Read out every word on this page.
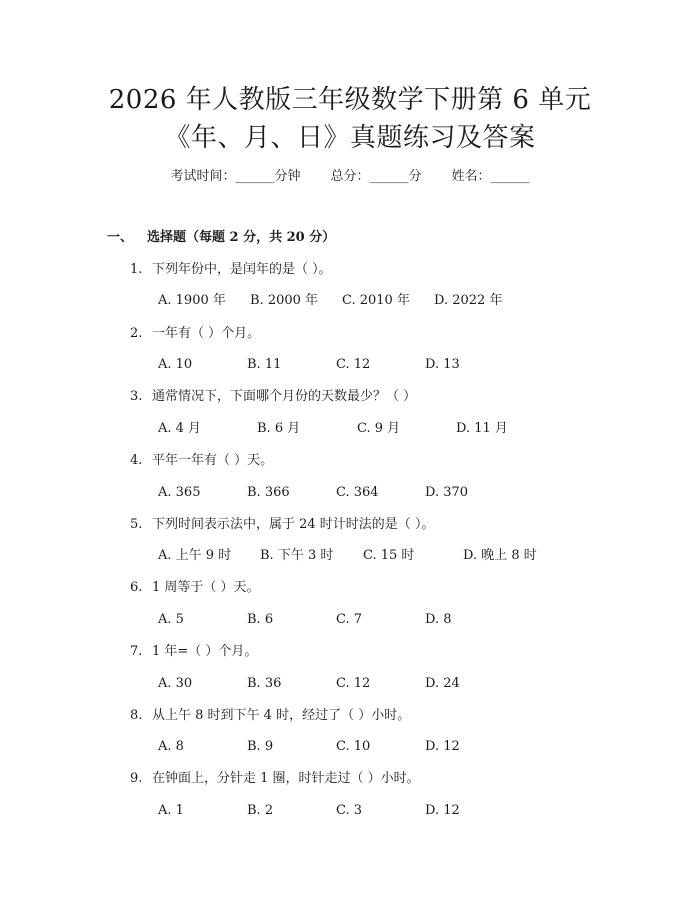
2026 年人教版三年级数学下册第 6 单元
《年、月、日》真题练习及答案
考试时间：______分钟 总分：______分 姓名：______
一、 选择题（每题 2 分，共 20 分）
1. 下列年份中，是闰年的是（ ）。
A. 1900 年 B. 2000 年 C. 2010 年 D. 2022 年
2. 一年有（ ）个月。
A. 10	B. 11	C. 12	D. 13
3. 通常情况下，下面哪个月份的天数最少？（ ）
A. 4 月	B. 6 月	C. 9 月	D. 11 月
4. 平年一年有（ ）天。
A. 365	B. 366	C. 364	D. 370
5. 下列时间表示法中，属于 24 时计时法的是（ ）。
A. 上午 9 时 B. 下午 3 时 C. 15 时	D. 晚上 8 时
6. 1 周等于（ ）天。
A. 5	B. 6	C. 7	D. 8
7. 1 年=（ ）个月。
A. 30	B. 36	C. 12	D. 24
8. 从上午 8 时到下午 4 时，经过了（ ）小时。
A. 8	B. 9	C. 10	D. 12
9. 在钟面上，分针走 1 圈，时针走过（ ）小时。
A. 1	B. 2	C. 3	D. 12
